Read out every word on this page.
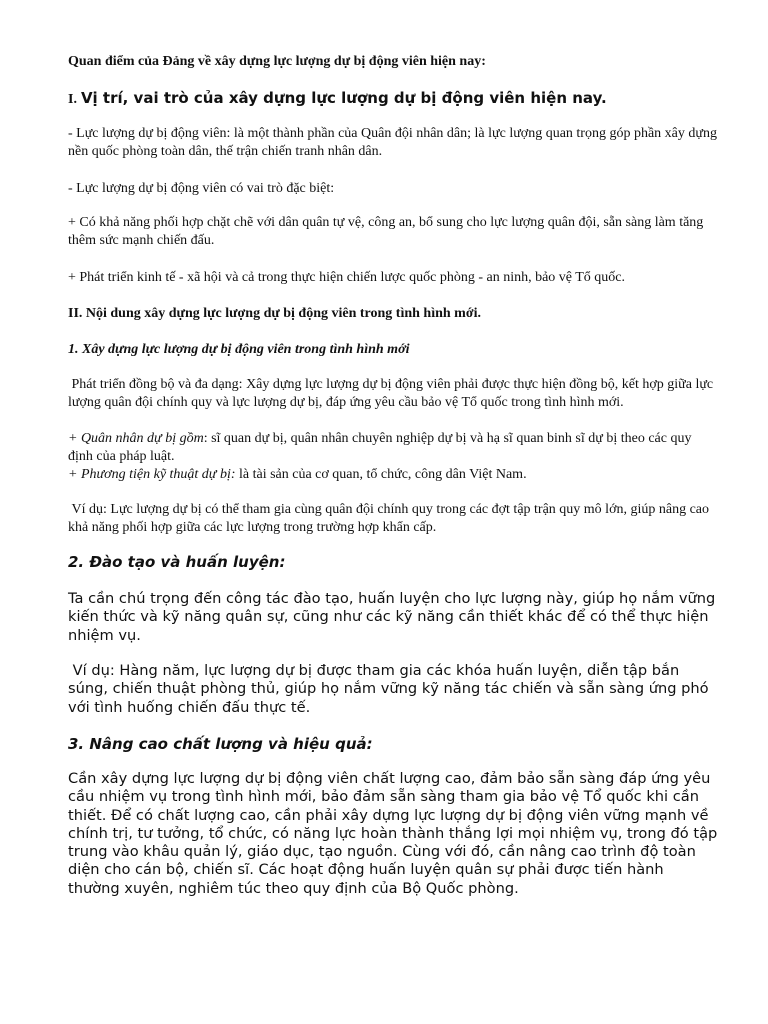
Quan điểm của Đảng về xây dựng lực lượng dự bị động viên hiện nay:

I. Vị trí, vai trò của xây dựng lực lượng dự bị động viên hiện nay.

- Lực lượng dự bị động viên: là một thành phần của Quân đội nhân dân; là lực lượng quan trọng góp phần xây dựng nền quốc phòng toàn dân, thế trận chiến tranh nhân dân.

- Lực lượng dự bị động viên có vai trò đặc biệt:

+ Có khả năng phối hợp chặt chẽ với dân quân tự vệ, công an, bổ sung cho lực lượng quân đội, sẵn sàng làm tăng thêm sức mạnh chiến đấu.

+ Phát triển kinh tế - xã hội và cả trong thực hiện chiến lược quốc phòng - an ninh, bảo vệ Tổ quốc.

II. Nội dung xây dựng lực lượng dự bị động viên trong tình hình mới.

1. Xây dựng lực lượng dự bị động viên trong tình hình mới

Phát triển đồng bộ và đa dạng: Xây dựng lực lượng dự bị động viên phải được thực hiện đồng bộ, kết hợp giữa lực lượng quân đội chính quy và lực lượng dự bị, đáp ứng yêu cầu bảo vệ Tổ quốc trong tình hình mới.

+ Quân nhân dự bị gồm: sĩ quan dự bị, quân nhân chuyên nghiệp dự bị và hạ sĩ quan binh sĩ dự bị theo các quy định của pháp luật.

+ Phương tiện kỹ thuật dự bị: là tài sản của cơ quan, tổ chức, công dân Việt Nam.

Ví dụ: Lực lượng dự bị có thể tham gia cùng quân đội chính quy trong các đợt tập trận quy mô lớn, giúp nâng cao khả năng phối hợp giữa các lực lượng trong trường hợp khẩn cấp.

2. Đào tạo và huấn luyện:

Ta cần chú trọng đến công tác đào tạo, huấn luyện cho lực lượng này, giúp họ nắm vững kiến thức và kỹ năng quân sự, cũng như các kỹ năng cần thiết khác để có thể thực hiện nhiệm vụ.

Ví dụ: Hàng năm, lực lượng dự bị được tham gia các khóa huấn luyện, diễn tập bắn súng, chiến thuật phòng thủ, giúp họ nắm vững kỹ năng tác chiến và sẵn sàng ứng phó với tình huống chiến đấu thực tế.

3. Nâng cao chất lượng và hiệu quả:

Cần xây dựng lực lượng dự bị động viên chất lượng cao, đảm bảo sẵn sàng đáp ứng yêu cầu nhiệm vụ trong tình hình mới, bảo đảm sẵn sàng tham gia bảo vệ Tổ quốc khi cần thiết. Để có chất lượng cao, cần phải xây dựng lực lượng dự bị động viên vững mạnh về chính trị, tư tưởng, tổ chức, có năng lực hoàn thành thắng lợi mọi nhiệm vụ, trong đó tập trung vào khâu quản lý, giáo dục, tạo nguồn. Cùng với đó, cần nâng cao trình độ toàn diện cho cán bộ, chiến sĩ. Các hoạt động huấn luyện quân sự phải được tiến hành thường xuyên, nghiêm túc theo quy định của Bộ Quốc phòng.
